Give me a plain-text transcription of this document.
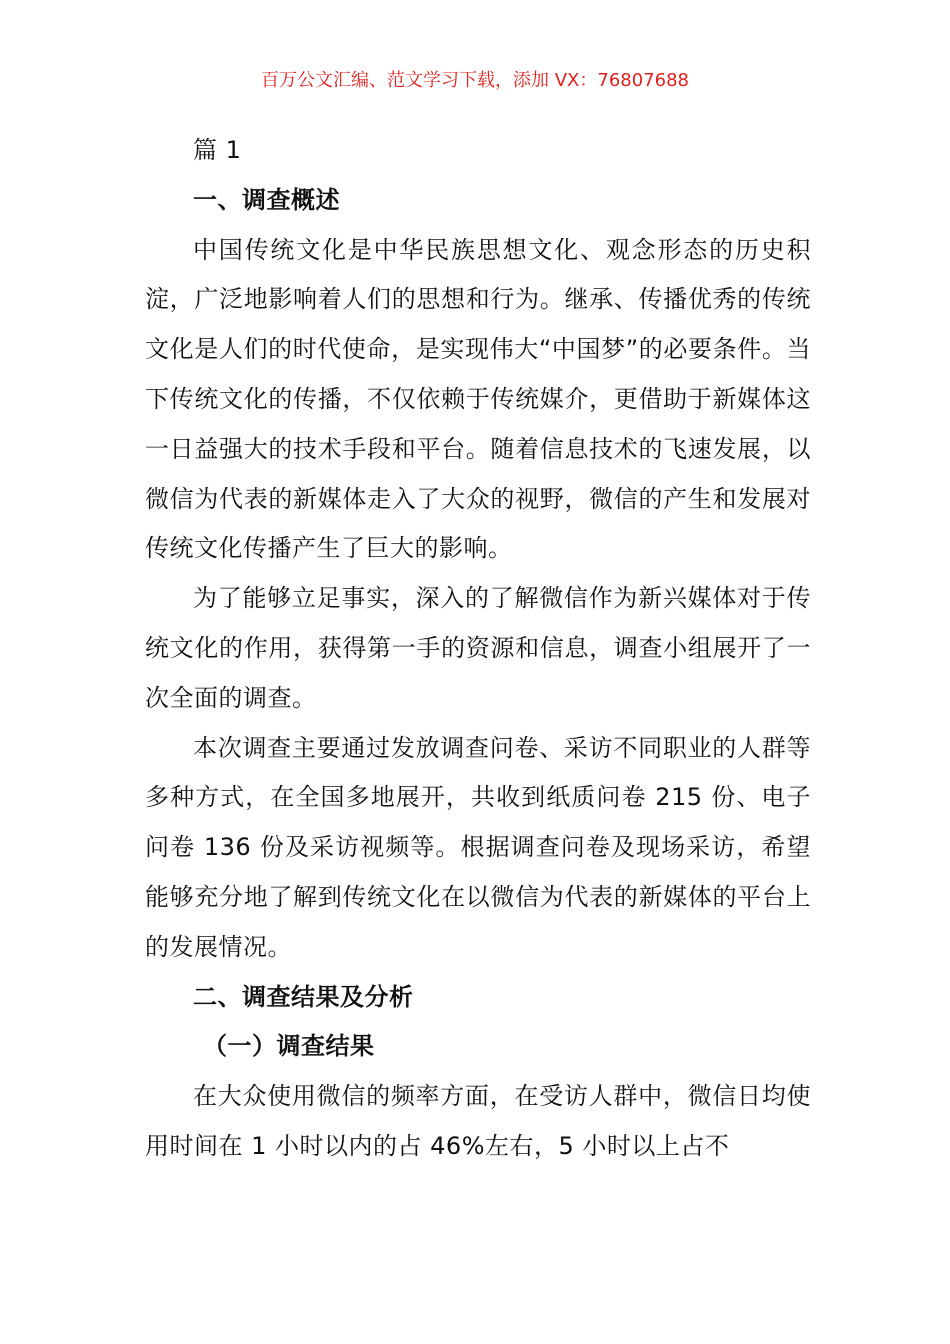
百万公文汇编、范文学习下载，添加 VX：76807688

篇 1

一、调查概述

中国传统文化是中华民族思想文化、观念形态的历史积淀，广泛地影响着人们的思想和行为。继承、传播优秀的传统文化是人们的时代使命，是实现伟大“中国梦”的必要条件。当下传统文化的传播，不仅依赖于传统媒介，更借助于新媒体这一日益强大的技术手段和平台。随着信息技术的飞速发展，以微信为代表的新媒体走入了大众的视野，微信的产生和发展对传统文化传播产生了巨大的影响。

为了能够立足事实，深入的了解微信作为新兴媒体对于传统文化的作用，获得第一手的资源和信息，调查小组展开了一次全面的调查。

本次调查主要通过发放调查问卷、采访不同职业的人群等多种方式，在全国多地展开，共收到纸质问卷 215 份、电子问卷 136 份及采访视频等。根据调查问卷及现场采访，希望能够充分地了解到传统文化在以微信为代表的新媒体的平台上的发展情况。

二、调查结果及分析

（一）调查结果

在大众使用微信的频率方面，在受访人群中，微信日均使用时间在 1 小时以内的占 46%左右，5 小时以上占不
